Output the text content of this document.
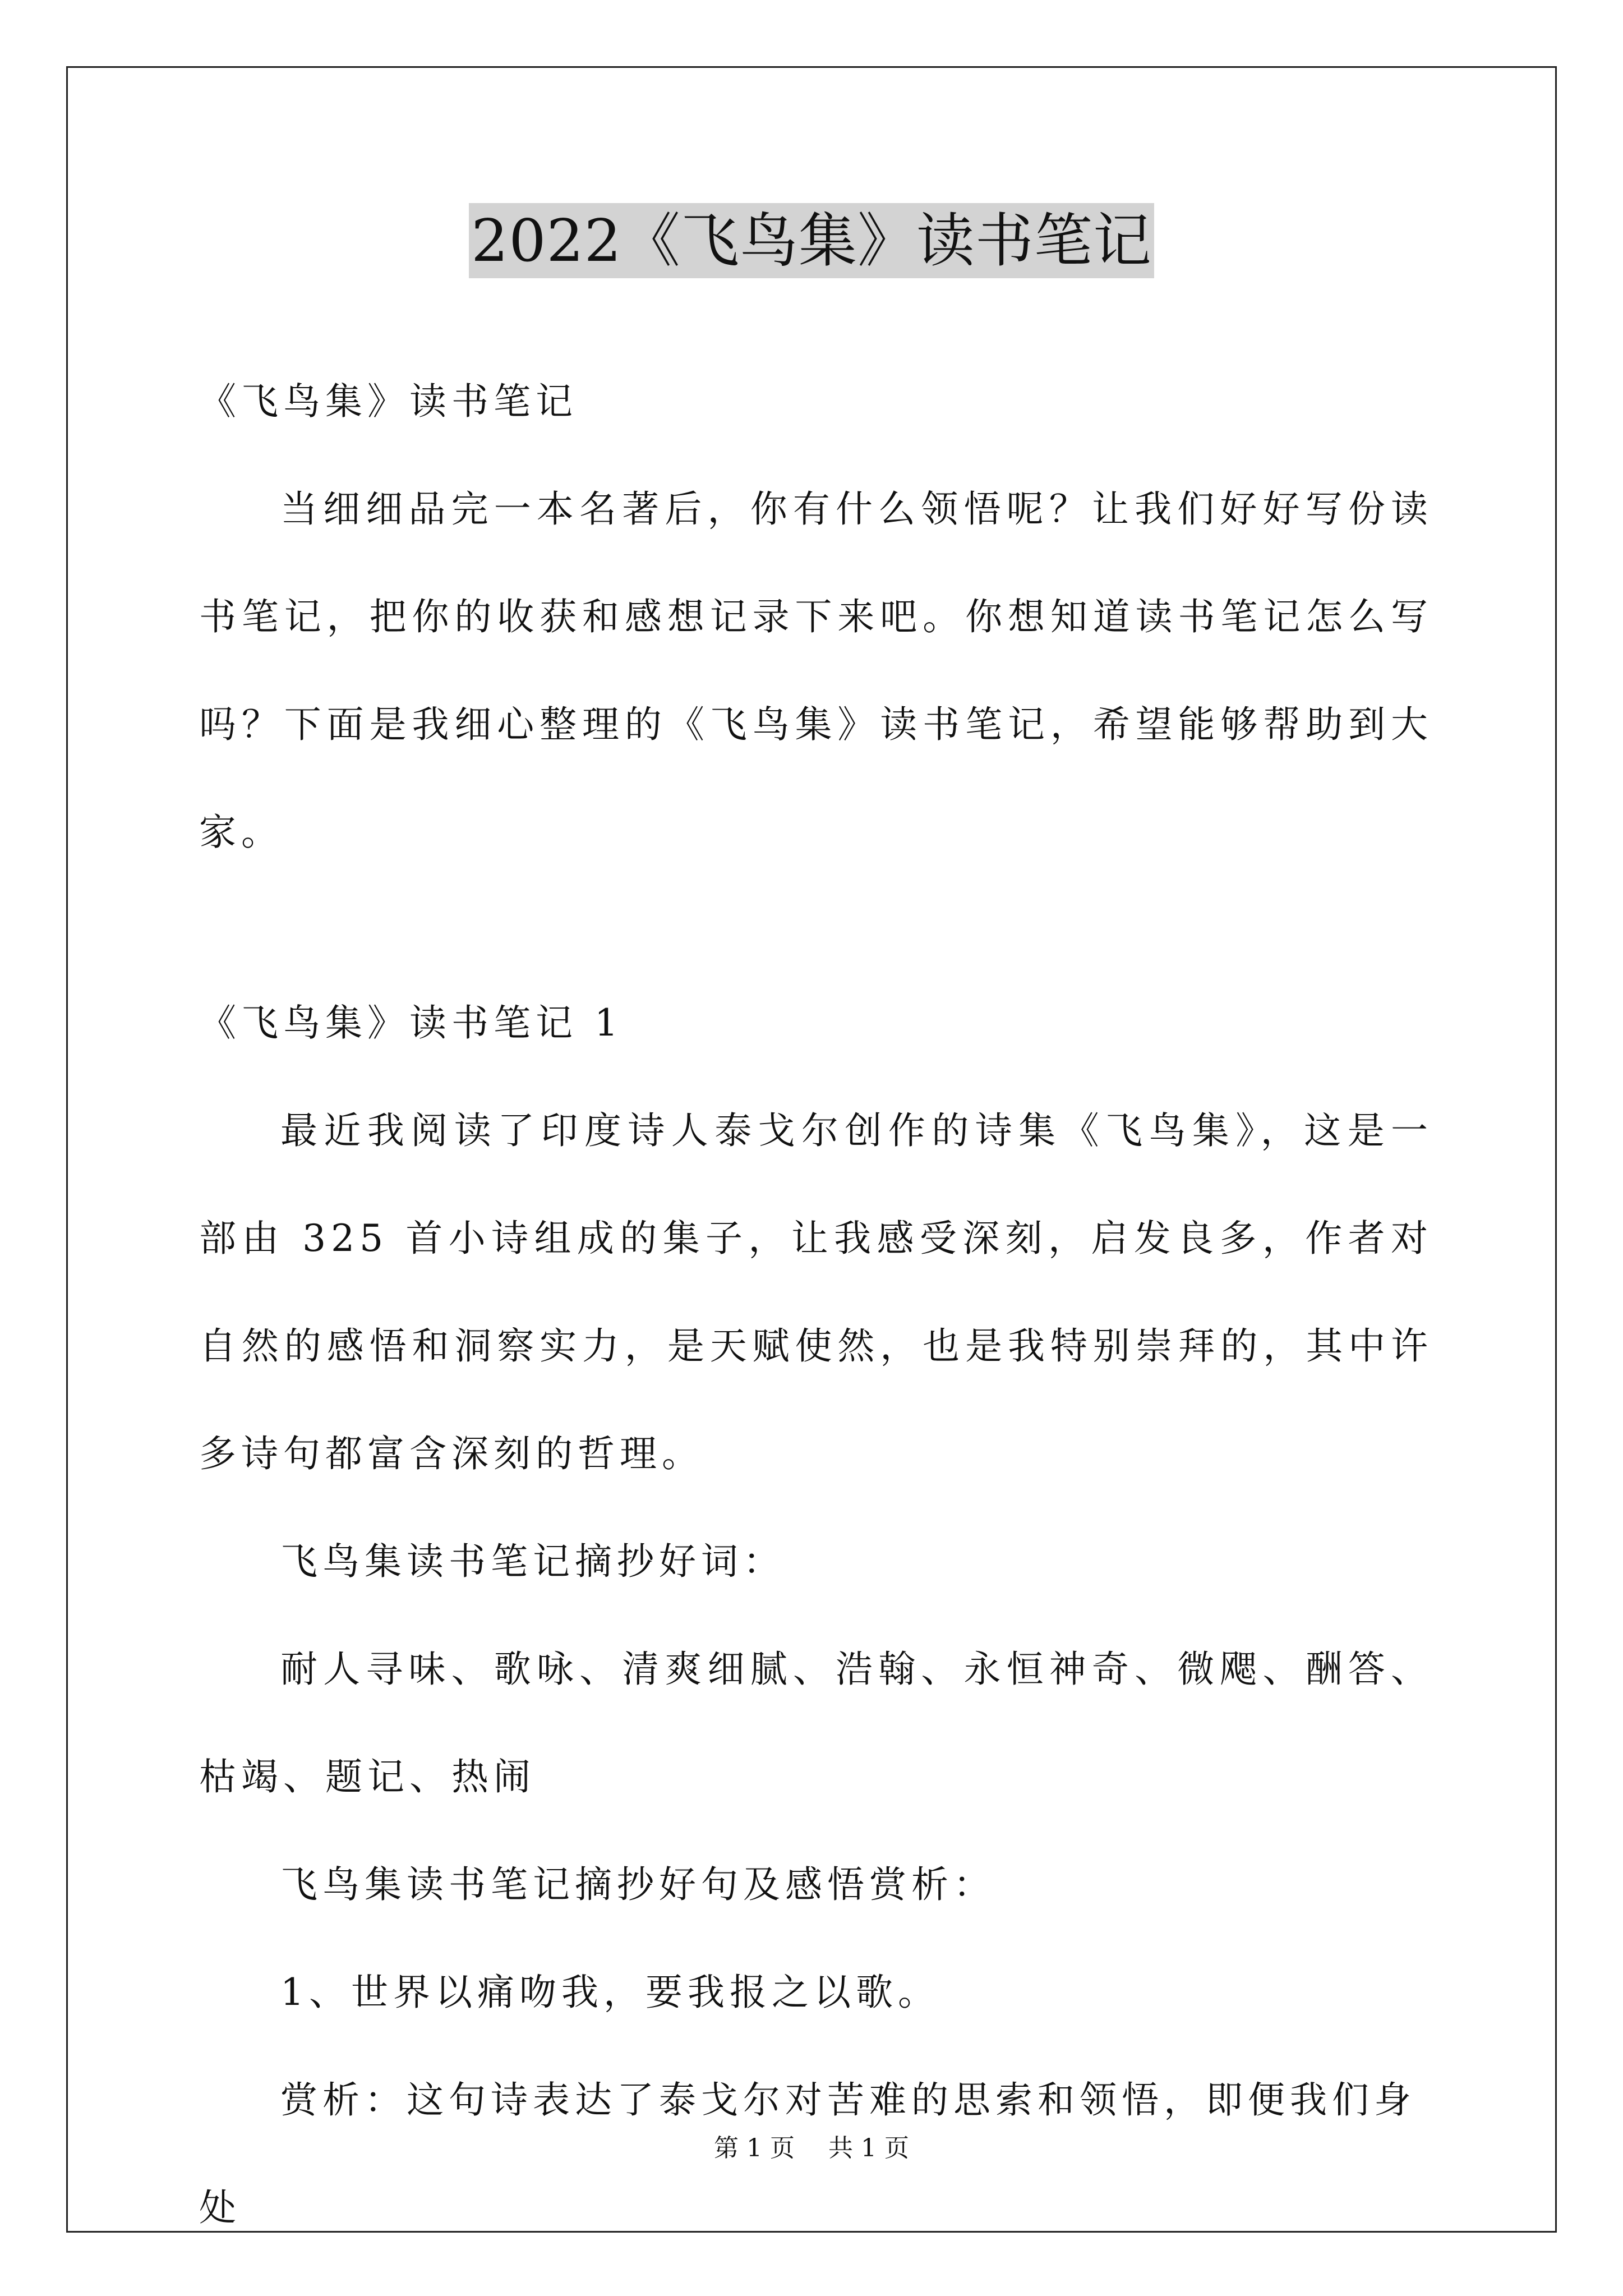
2022《飞鸟集》读书笔记

《飞鸟集》读书笔记

当细细品完一本名著后，你有什么领悟呢？让我们好好写份读书笔记，把你的收获和感想记录下来吧。你想知道读书笔记怎么写吗？下面是我细心整理的《飞鸟集》读书笔记，希望能够帮助到大家。

《飞鸟集》读书笔记 1

最近我阅读了印度诗人泰戈尔创作的诗集《飞鸟集》，这是一部由 325 首小诗组成的集子，让我感受深刻，启发良多，作者对自然的感悟和洞察实力，是天赋使然，也是我特别崇拜的，其中许多诗句都富含深刻的哲理。

飞鸟集读书笔记摘抄好词：

耐人寻味、歌咏、清爽细腻、浩翰、永恒神奇、微飔、酬答、枯竭、题记、热闹

飞鸟集读书笔记摘抄好句及感悟赏析：

1、世界以痛吻我，要我报之以歌。

赏析：这句诗表达了泰戈尔对苦难的思索和领悟，即便我们身处

第 1 页 共 1 页
